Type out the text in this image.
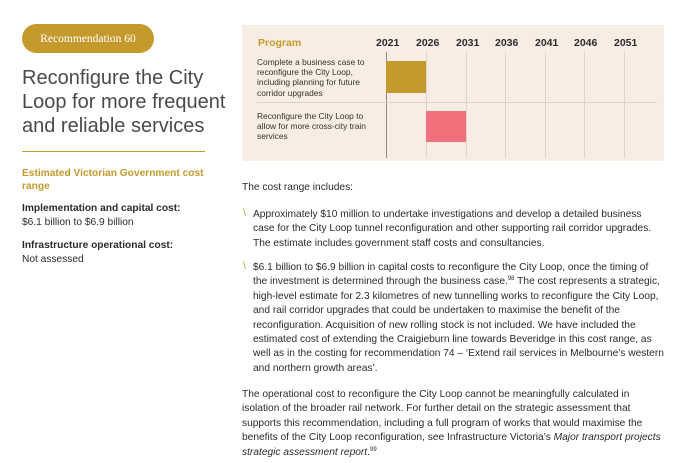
Recommendation 60
Reconfigure the City Loop for more frequent and reliable services
Estimated Victorian Government cost range
Implementation and capital cost:
$6.1 billion to $6.9 billion
Infrastructure operational cost:
Not assessed
Program	2021 2026 2031 2036 2041 2046 2051
Complete a business case to reconfigure the City Loop, including planning for future corridor upgrades
Reconfigure the City Loop to allow for more cross-city train services

The cost range includes:

\ Approximately $10 million to undertake investigations and develop a detailed business case for the City Loop tunnel reconfiguration and other supporting rail corridor upgrades. The estimate includes government staff costs and consultancies.

\ $6.1 billion to $6.9 billion in capital costs to reconfigure the City Loop, once the timing of the investment is determined through the business case.$^{98}$ The cost represents a strategic, high-level estimate for 2.3 kilometres of new tunnelling works to reconfigure the City Loop, and rail corridor upgrades that could be undertaken to maximise the benefit of the reconfiguration. Acquisition of new rolling stock is not included. We have included the estimated cost of extending the Craigieburn line towards Beveridge in this cost range, as well as in the costing for recommendation 74 – ‘Extend rail services in Melbourne’s western and northern growth areas’.

The operational cost to reconfigure the City Loop cannot be meaningfully calculated in isolation of the broader rail network. For further detail on the strategic assessment that supports this recommendation, including a full program of works that would maximise the benefits of the City Loop reconfiguration, see Infrastructure Victoria’s Major transport projects strategic assessment report.$^{99}$
